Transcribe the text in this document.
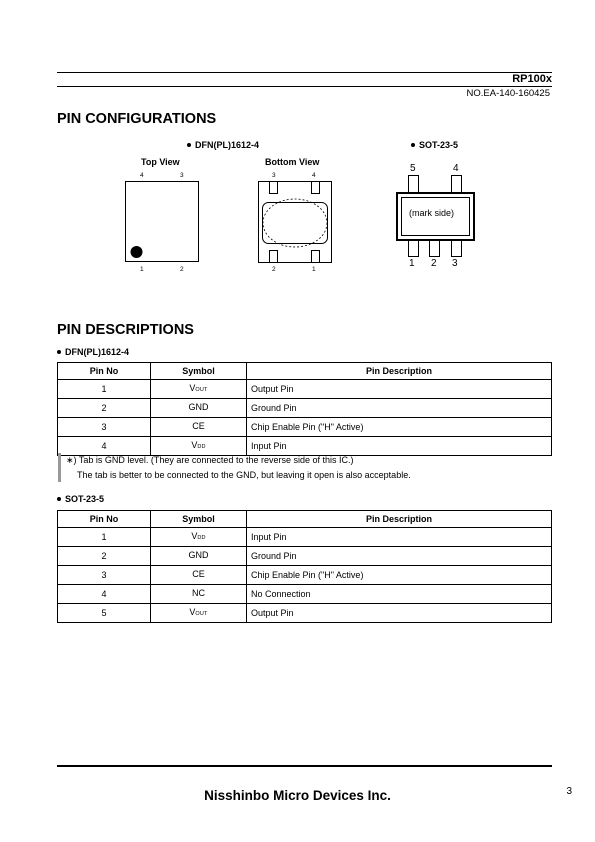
RP100x
NO.EA-140-160425
PIN CONFIGURATIONS
DFN(PL)1612-4	SOT-23-5
Top View	Bottom View
4	3
1	2
3	4
2	1
5	4
(mark side)
1 2 3
PIN DESCRIPTIONS
DFN(PL)1612-4
Pin No	Symbol	Pin Description
1	VOUT	Output Pin
2	GND	Ground Pin
3	CE	Chip Enable Pin ("H" Active)
4	VDD	Input Pin
∗) Tab is GND level. (They are connected to the reverse side of this IC.)
The tab is better to be connected to the GND, but leaving it open is also acceptable.
SOT-23-5
Pin No	Symbol	Pin Description
1	VDD	Input Pin
2	GND	Ground Pin
3	CE	Chip Enable Pin ("H" Active)
4	NC	No Connection
5	VOUT	Output Pin
Nisshinbo Micro Devices Inc.	3
